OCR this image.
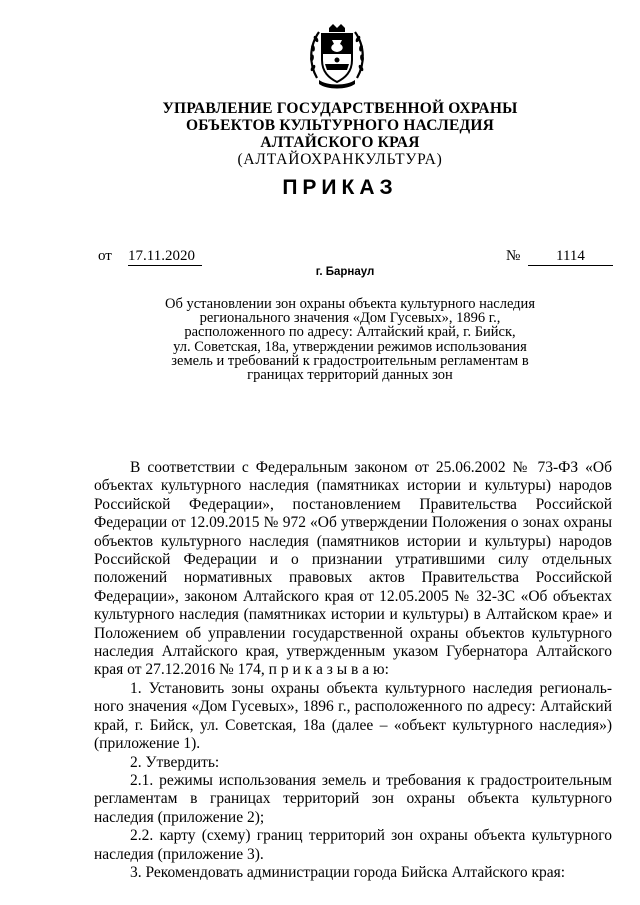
УПРАВЛЕНИЕ ГОСУДАРСТВЕННОЙ ОХРАНЫ
ОБЪЕКТОВ КУЛЬТУРНОГО НАСЛЕДИЯ
АЛТАЙСКОГО КРАЯ
(АЛТАЙОХРАНКУЛЬТУРА)
ПРИКАЗ
от 17.11.2020	№	1114
г. Барнаул
Об установлении зон охраны объекта культурного наследия
регионального значения «Дом Гусевых», 1896 г.,
расположенного по адресу: Алтайский край, г. Бийск,
ул. Советская, 18а, утверждении режимов использования
земель и требований к градостроительным регламентам в
границах территорий данных зон

В соответствии с Федеральным законом от 25.06.2002 № 73-ФЗ «Об объектах культурного наследия (памятниках истории и культуры) народов Российской Федерации», постановлением Правительства Российской Федерации от 12.09.2015 № 972 «Об утверждении Положения о зонах охраны объектов культурного наследия (памятников истории и культуры) народов Российской Федерации и о признании утратившими силу отдельных положений нормативных правовых актов Правительства Российской Федерации», законом Алтайского края от 12.05.2005 № 32-ЗС «Об объектах культурного наследия (памятниках истории и культуры) в Алтайском крае» и Положением об управлении государственной охраны объектов культурного наследия Алтайского края, утвержденным указом Губернатора Алтайского края от 27.12.2016 № 174, п р и к а з ы в а ю:

1. Установить зоны охраны объекта культурного наследия региональ-ного значения «Дом Гусевых», 1896 г., расположенного по адресу: Алтайский край, г. Бийск, ул. Советская, 18а (далее – «объект культурного наследия») (приложение 1).

2. Утвердить:

2.1. режимы использования земель и требования к градостроительным регламентам в границах территорий зон охраны объекта культурного наследия (приложение 2);

2.2. карту (схему) границ территорий зон охраны объекта культурного наследия (приложение 3).

3. Рекомендовать администрации города Бийска Алтайского края:
